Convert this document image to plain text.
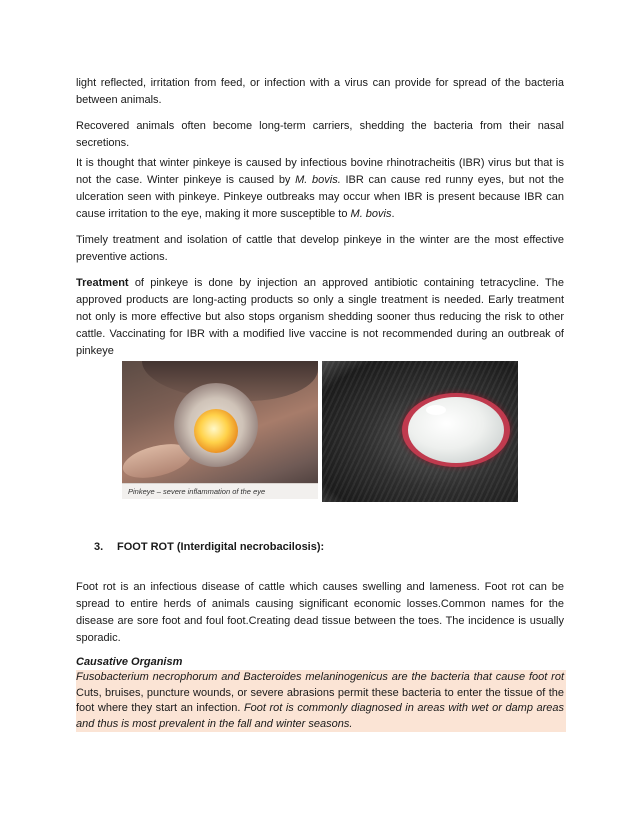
light reflected, irritation from feed, or infection with a virus can provide for spread of the bacteria between animals.

Recovered animals often become long-term carriers, shedding the bacteria from their nasal secretions.

It is thought that winter pinkeye is caused by infectious bovine rhinotracheitis (IBR) virus but that is not the case. Winter pinkeye is caused by M. bovis. IBR can cause red runny eyes, but not the ulceration seen with pinkeye. Pinkeye outbreaks may occur when IBR is present because IBR can cause irritation to the eye, making it more susceptible to M. bovis.

Timely treatment and isolation of cattle that develop pinkeye in the winter are the most effective preventive actions.

Treatment of pinkeye is done by injection an approved antibiotic containing tetracycline. The approved products are long-acting products so only a single treatment is needed. Early treatment not only is more effective but also stops organism shedding sooner thus reducing the risk to other cattle. Vaccinating for IBR with a modified live vaccine is not recommended during an outbreak of pinkeye

Pinkeye – severe inflammation of the eye

3. FOOT ROT (Interdigital necrobacilosis):

Foot rot is an infectious disease of cattle which causes swelling and lameness. Foot rot can be spread to entire herds of animals causing significant economic losses.Common names for the disease are sore foot and foul foot.Creating dead tissue between the toes. The incidence is usually sporadic.

Causative Organism

Fusobacterium necrophorum and Bacteroides melaninogenicus are the bacteria that cause foot rot Cuts, bruises, puncture wounds, or severe abrasions permit these bacteria to enter the tissue of the foot where they start an infection. Foot rot is commonly diagnosed in areas with wet or damp areas and thus is most prevalent in the fall and winter seasons.
